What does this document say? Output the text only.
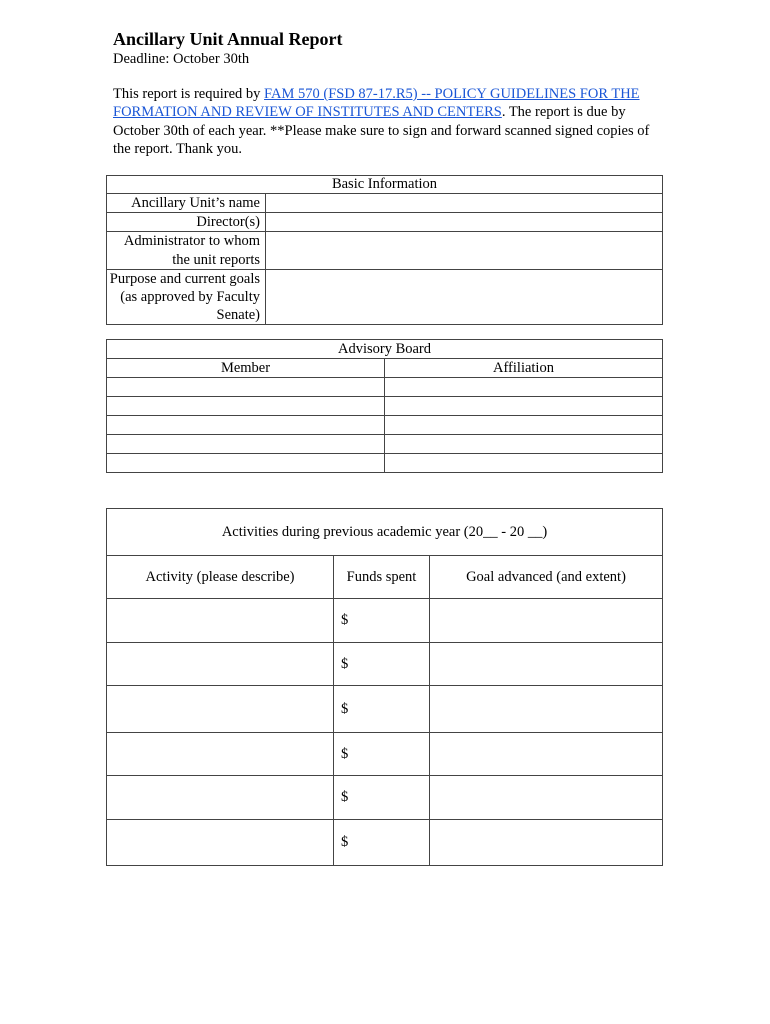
Ancillary Unit Annual Report
Deadline: October 30th
This report is required by FAM 570 (FSD 87-17.R5) -- POLICY GUIDELINES FOR THE FORMATION AND REVIEW OF INSTITUTES AND CENTERS. The report is due by October 30th of each year. **Please make sure to sign and forward scanned signed copies of the report. Thank you.
Basic Information	
Ancillary Unit’s name	
Director(s)	
Administrator to whom the unit reports	
Purpose and current goals (as approved by Faculty Senate)	
Advisory Board	
Member	Affiliation

Activities during previous academic year (20__ - 20 __)		
Activity (please describe)	Funds spent	Goal advanced (and extent)
	$	
	$	
	$	
	$	
	$	
	$	
